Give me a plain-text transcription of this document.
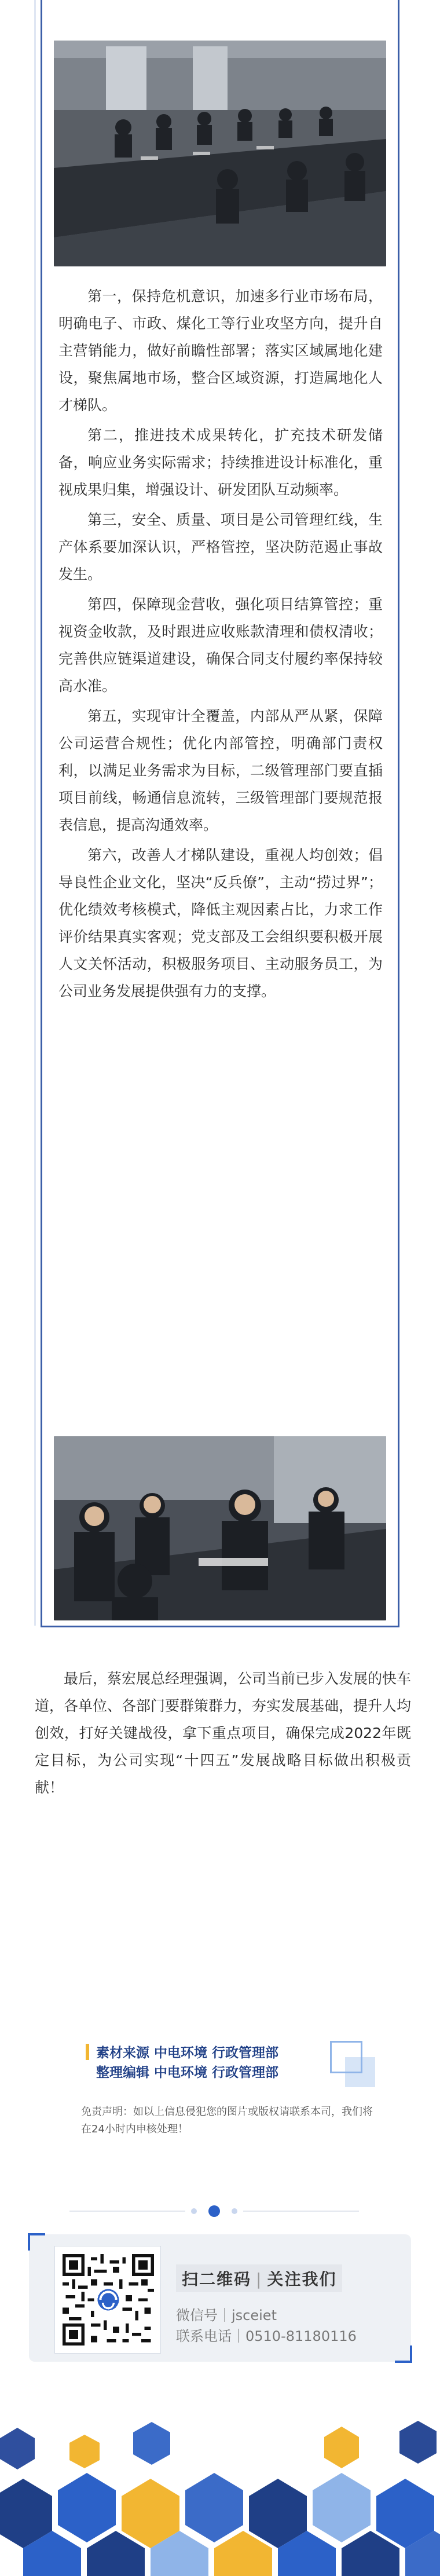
第一，保持危机意识，加速多行业市场布局，明确电子、市政、煤化工等行业攻坚方向，提升自主营销能力，做好前瞻性部署；落实区域属地化建设，聚焦属地市场，整合区域资源，打造属地化人才梯队。

第二，推进技术成果转化，扩充技术研发储备，响应业务实际需求；持续推进设计标准化，重视成果归集，增强设计、研发团队互动频率。

第三，安全、质量、项目是公司管理红线，生产体系要加深认识，严格管控，坚决防范遏止事故发生。

第四，保障现金营收，强化项目结算管控；重视资金收款，及时跟进应收账款清理和债权清收；完善供应链渠道建设，确保合同支付履约率保持较高水准。

第五，实现审计全覆盖，内部从严从紧，保障公司运营合规性；优化内部管控，明确部门责权利，以满足业务需求为目标，二级管理部门要直插项目前线，畅通信息流转，三级管理部门要规范报表信息，提高沟通效率。

第六，改善人才梯队建设，重视人均创效；倡导良性企业文化，坚决“反兵僚”，主动“捞过界”；优化绩效考核模式，降低主观因素占比，力求工作评价结果真实客观；党支部及工会组织要积极开展人文关怀活动，积极服务项目、主动服务员工，为公司业务发展提供强有力的支撑。

最后，蔡宏展总经理强调，公司当前已步入发展的快车道，各单位、各部门要群策群力，夯实发展基础，提升人均创效，打好关键战役，拿下重点项目，确保完成2022年既定目标，为公司实现“十四五”发展战略目标做出积极贡献！

素材来源 中电环境 行政管理部
整理编辑 中电环境 行政管理部

免责声明：如以上信息侵犯您的图片或版权请联系本司，我们将在24小时内申核处理！

扫二维码 | 关注我们
微信号｜jsceiet
联系电话｜0510-81180116
